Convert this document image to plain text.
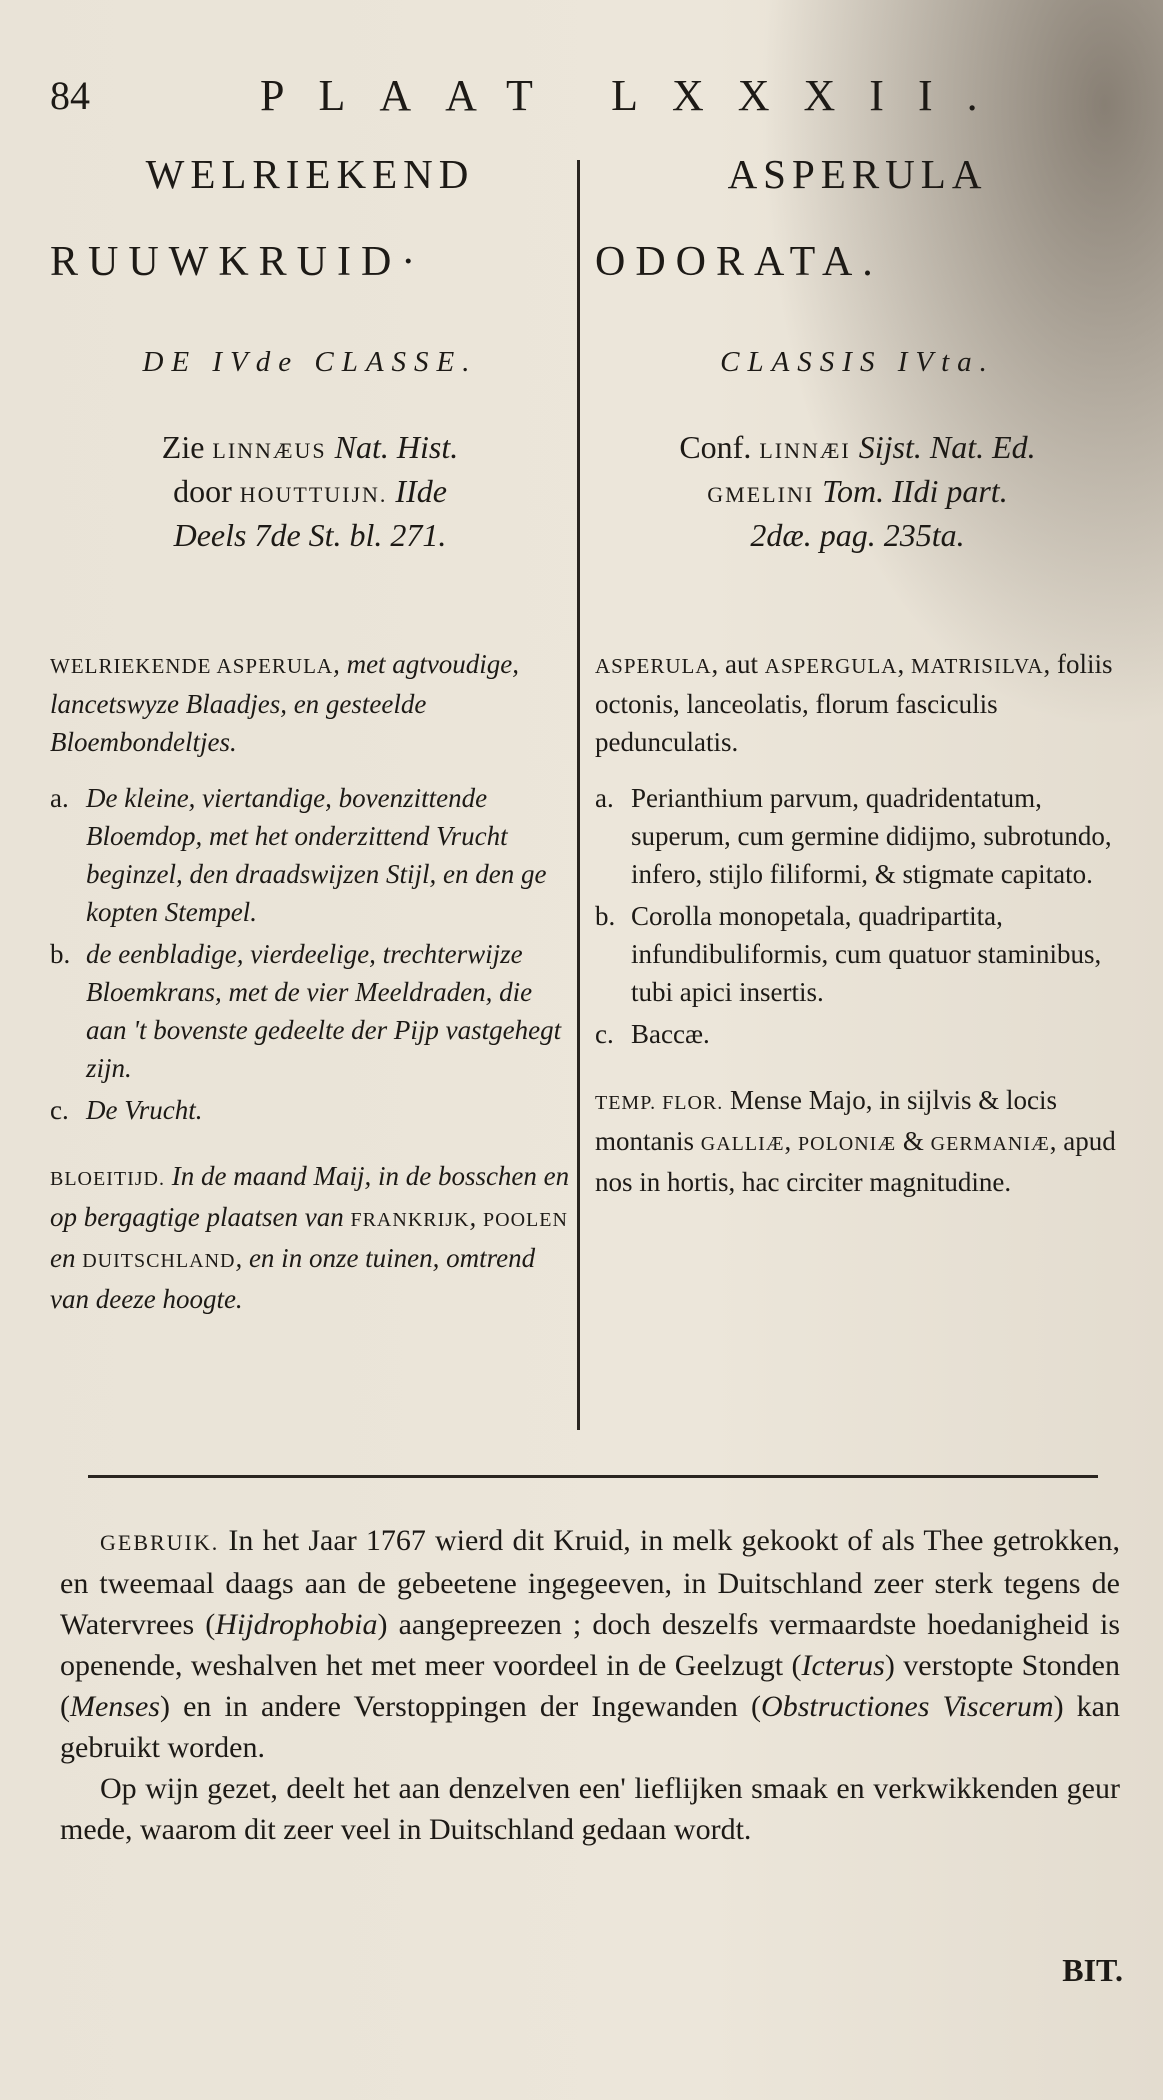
84	PLAAT LXXXII.
WELRIEKEND
RUUWKRUID·
DE IVde CLASSE.
Zie LINNÆUS Nat. Hist.
door HOUTTUIJN. IIde
Deels 7de St. bl. 271.
WELRIEKENDE ASPERULA, met agtvoudige, lancetswyze Blaadjes, en gesteelde Bloembondeltjes.
a. De kleine, viertandige, bovenzittende Bloemdop, met het onderzittend Vrucht beginzel, den draadswijzen Stijl, en den ge kopten Stempel.
b. de eenbladige, vierdeelige, trechterwijze Bloemkrans, met de vier Meeldraden, die aan 't bovenste gedeelte der Pijp vastgehegt zijn.
c. De Vrucht.
BLOEITIJD. In de maand Maij, in de bosschen en op bergagtige plaatsen van FRANKRIJK, POOLEN en DUITSCHLAND, en in onze tuinen, omtrend van deeze hoogte.
ASPERULA
ODORATA.
CLASSIS IVta.
Conf. LINNÆI Sijst. Nat. Ed.
GMELINI Tom. IIdi part.
2dæ. pag. 235ta.
ASPERULA, aut ASPERGULA, MATRISILVA, foliis octonis, lanceolatis, florum fasciculis pedunculatis.
a. Perianthium parvum, quadridentatum, superum, cum germine didijmo, subrotundo, infero, stijlo filiformi, & stigmate capitato.
b. Corolla monopetala, quadripartita, infundibuliformis, cum quatuor staminibus, tubi apici insertis.
c. Baccæ.
TEMP. FLOR. Mense Majo, in sijlvis & locis montanis GALLIÆ, POLONIÆ & GERMANIÆ, apud nos in hortis, hac circiter magnitudine.

GEBRUIK. In het Jaar 1767 wierd dit Kruid, in melk gekookt of als Thee getrokken, en tweemaal daags aan de gebeetene ingegeeven, in Duitschland zeer sterk tegens de Watervrees (Hijdrophobia) aangepreezen ; doch deszelfs vermaardste hoedanigheid is openende, weshalven het met meer voordeel in de Geelzugt (Icterus) verstopte Stonden (Menses) en in andere Verstoppingen der Ingewanden (Obstructiones Viscerum) kan gebruikt worden.

Op wijn gezet, deelt het aan denzelven een' lieflijken smaak en verkwikkenden geur mede, waarom dit zeer veel in Duitschland gedaan wordt.

BIT.
